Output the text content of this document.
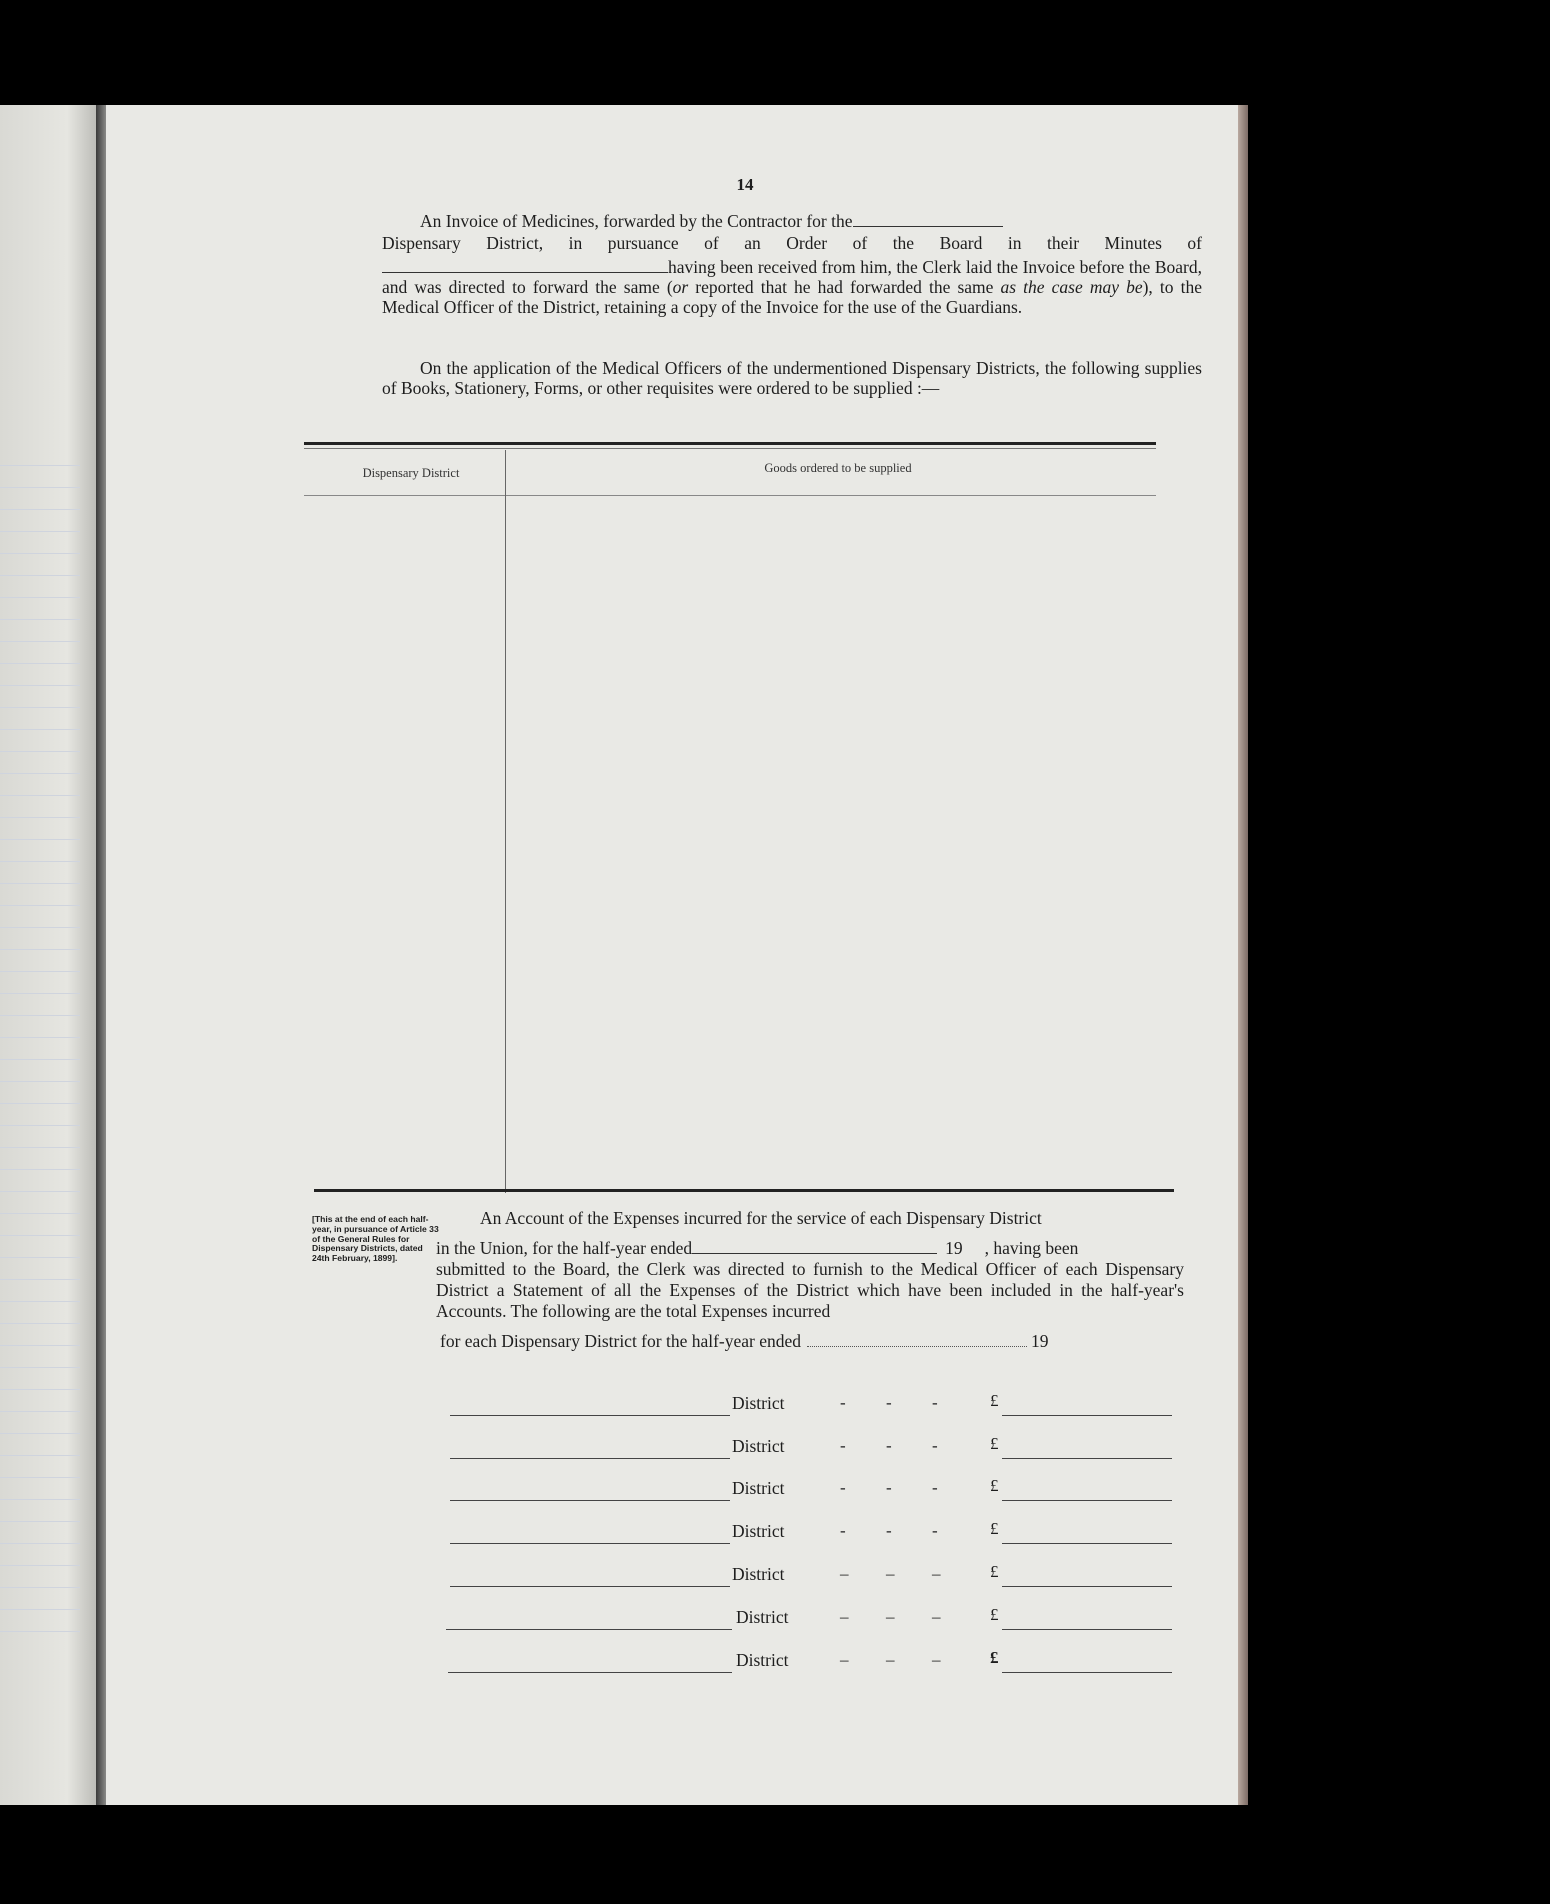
14
An Invoice of Medicines, forwarded by the Contractor for the
Dispensary District, in pursuance of an Order of the Board in their Minutes of
having been received from him, the Clerk laid the Invoice before the Board, and was directed to forward the same (or reported that he had forwarded the same as the case may be), to the Medical Officer of the District, retaining a copy of the Invoice for the use of the Guardians.
On the application of the Medical Officers of the undermentioned Dispensary Districts, the following supplies of Books, Stationery, Forms, or other requisites were ordered to be supplied :—
Dispensary District	Goods ordered to be supplied
[This at the end of each half-year, in pursuance of Article 33 of the General Rules for Dispensary Districts, dated 24th February, 1899].
An Account of the Expenses incurred for the service of each Dispensary District
in the Union, for the half-year ended	19 , having been
submitted to the Board, the Clerk was directed to furnish to the Medical Officer of each Dispensary District a Statement of all the Expenses of the District which have been included in the half-year's Accounts. The following are the total Expenses incurred
for each Dispensary District for the half-year ended	19
District	- - -	£
District	- - -	£
District	- - -	£
District	- - -	£
District	– – –	£
District	– – –	£
District	– – –	£
